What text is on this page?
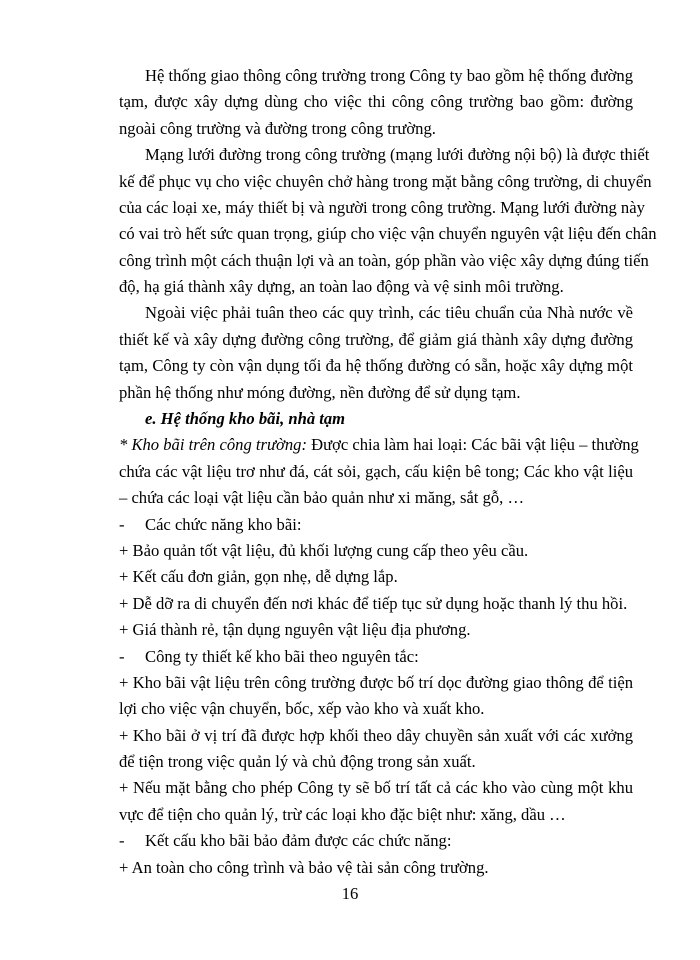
Hệ thống giao thông công trường trong Công ty bao gồm hệ thống đường
tạm, được xây dựng dùng cho việc thi công công trường bao gồm: đường
ngoài công trường và đường trong công trường.
Mạng lưới đường trong công trường (mạng lưới đường nội bộ) là được thiết
kế để phục vụ cho việc chuyên chở hàng trong mặt bằng công trường, di chuyển
của các loại xe, máy thiết bị và người trong công trường. Mạng lưới đường này
có vai trò hết sức quan trọng, giúp cho việc vận chuyển nguyên vật liệu đến chân
công trình một cách thuận lợi và an toàn, góp phần vào việc xây dựng đúng tiến
độ, hạ giá thành xây dựng, an toàn lao động và vệ sinh môi trường.
Ngoài việc phải tuân theo các quy trình, các tiêu chuẩn của Nhà nước về
thiết kế và xây dựng đường công trường, để giảm giá thành xây dựng đường
tạm, Công ty còn vận dụng tối đa hệ thống đường có sẵn, hoặc xây dựng một
phần hệ thống như móng đường, nền đường để sử dụng tạm.
e. Hệ thống kho bãi, nhà tạm
* Kho bãi trên công trường: Được chia làm hai loại: Các bãi vật liệu – thường
chứa các vật liệu trơ như đá, cát sỏi, gạch, cấu kiện bê tong; Các kho vật liệu
– chứa các loại vật liệu cần bảo quản như xi măng, sắt gỗ, …
- Các chức năng kho bãi:
+ Bảo quản tốt vật liệu, đủ khối lượng cung cấp theo yêu cầu.
+ Kết cấu đơn giản, gọn nhẹ, dễ dựng lắp.
+ Dễ dỡ ra di chuyển đến nơi khác để tiếp tục sử dụng hoặc thanh lý thu hồi.
+ Giá thành rẻ, tận dụng nguyên vật liệu địa phương.
- Công ty thiết kế kho bãi theo nguyên tắc:
+ Kho bãi vật liệu trên công trường được bố trí dọc đường giao thông để tiện
lợi cho việc vận chuyển, bốc, xếp vào kho và xuất kho.
+ Kho bãi ở vị trí đã được hợp khối theo dây chuyền sản xuất với các xưởng
để tiện trong việc quản lý và chủ động trong sản xuất.
+ Nếu mặt bằng cho phép Công ty sẽ bố trí tất cả các kho vào cùng một khu
vực để tiện cho quản lý, trừ các loại kho đặc biệt như: xăng, dầu …
- Kết cấu kho bãi bảo đảm được các chức năng:
+ An toàn cho công trình và bảo vệ tài sản công trường.
16
